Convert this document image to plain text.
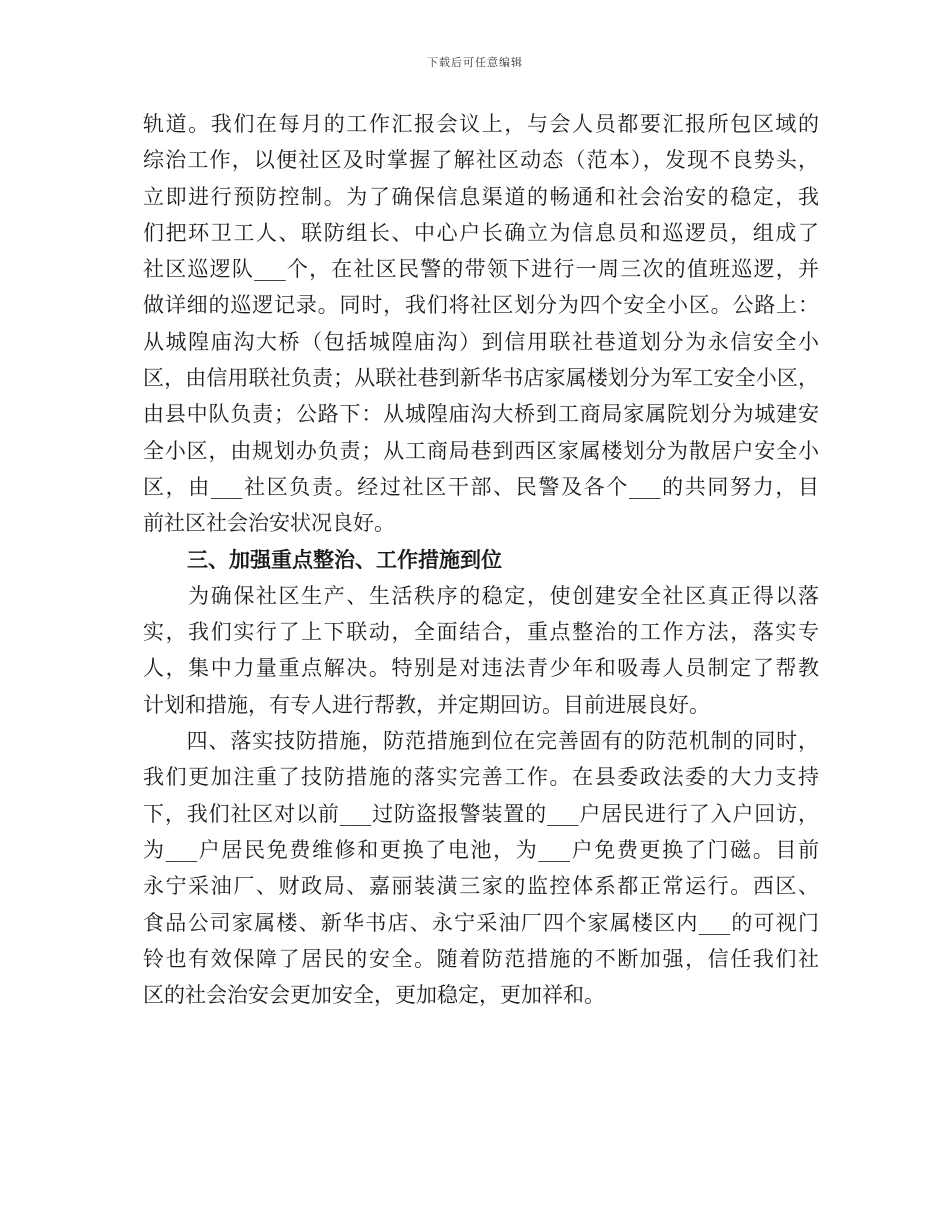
下载后可任意编辑
轨道。我们在每月的工作汇报会议上，与会人员都要汇报所包区域的
综治工作，以便社区及时掌握了解社区动态（范本），发现不良势头，
立即进行预防控制。为了确保信息渠道的畅通和社会治安的稳定，我
们把环卫工人、联防组长、中心户长确立为信息员和巡逻员，组成了
社区巡逻队___个，在社区民警的带领下进行一周三次的值班巡逻，并
做详细的巡逻记录。同时，我们将社区划分为四个安全小区。公路上：
从城隍庙沟大桥（包括城隍庙沟）到信用联社巷道划分为永信安全小
区，由信用联社负责；从联社巷到新华书店家属楼划分为军工安全小区，
由县中队负责；公路下：从城隍庙沟大桥到工商局家属院划分为城建安
全小区，由规划办负责；从工商局巷到西区家属楼划分为散居户安全小
区，由___社区负责。经过社区干部、民警及各个___的共同努力，目
前社区社会治安状况良好。
三、加强重点整治、工作措施到位
　　为确保社区生产、生活秩序的稳定，使创建安全社区真正得以落
实，我们实行了上下联动，全面结合，重点整治的工作方法，落实专
人，集中力量重点解决。特别是对违法青少年和吸毒人员制定了帮教
计划和措施，有专人进行帮教，并定期回访。目前进展良好。
　　四、落实技防措施，防范措施到位在完善固有的防范机制的同时，
我们更加注重了技防措施的落实完善工作。在县委政法委的大力支持
下，我们社区对以前___过防盗报警装置的___户居民进行了入户回访，
为___户居民免费维修和更换了电池，为___户免费更换了门磁。目前
永宁采油厂、财政局、嘉丽装潢三家的监控体系都正常运行。西区、
食品公司家属楼、新华书店、永宁采油厂四个家属楼区内___的可视门
铃也有效保障了居民的安全。随着防范措施的不断加强，信任我们社
区的社会治安会更加安全，更加稳定，更加祥和。
